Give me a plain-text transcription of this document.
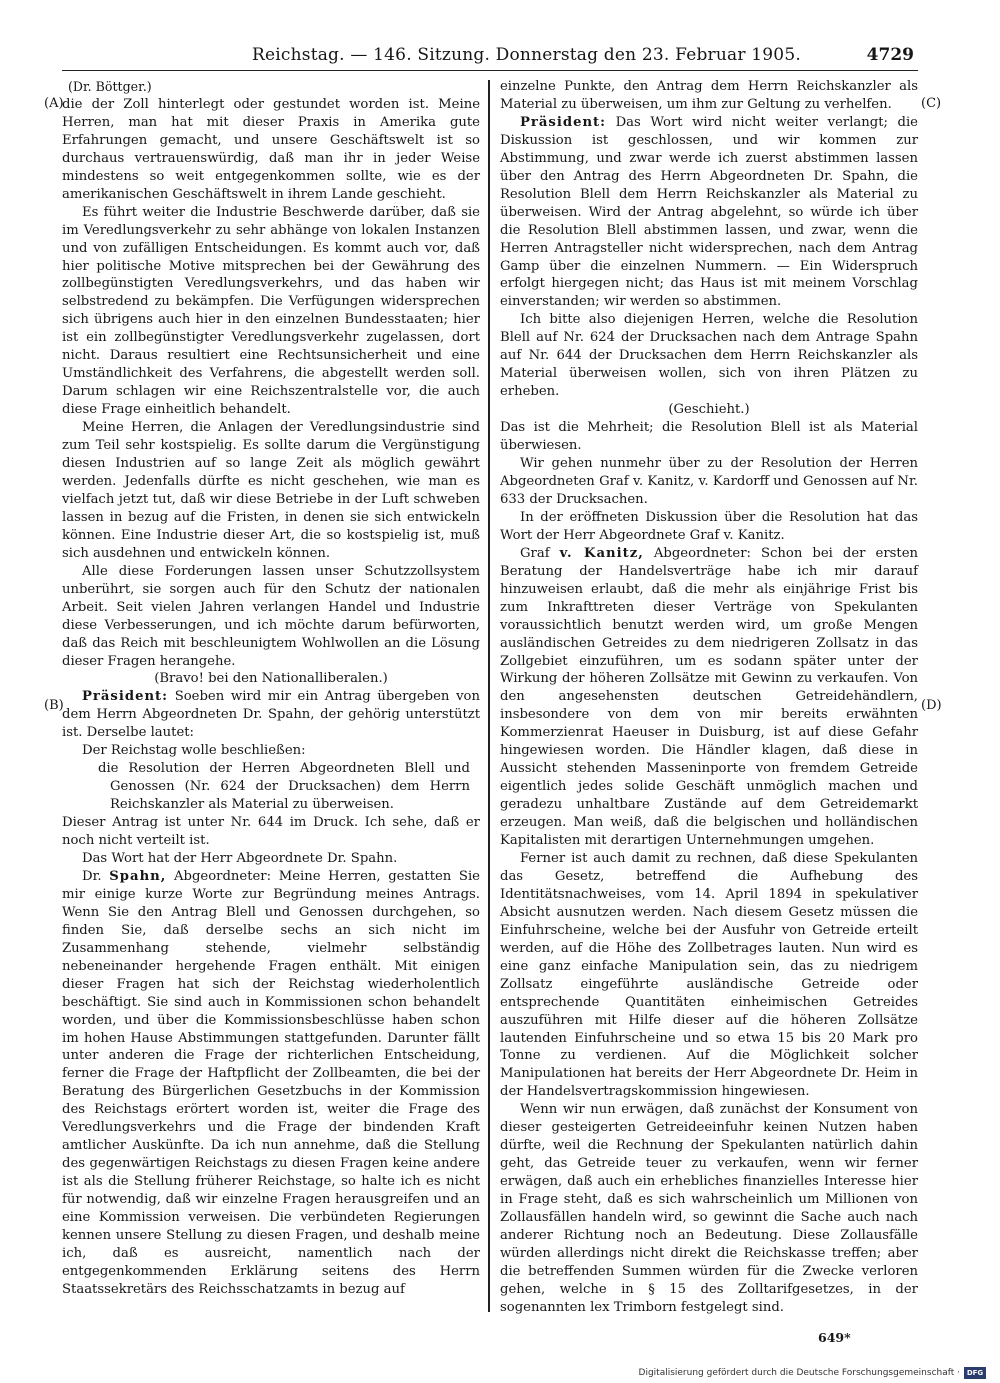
Reichstag. — 146. Sitzung. Donnerstag den 23. Februar 1905.	4729
(A)
(B)
(C)
(D)

(Dr. Böttger.)

die der Zoll hinterlegt oder gestundet worden ist. Meine Herren, man hat mit dieser Praxis in Amerika gute Erfahrungen gemacht, und unsere Geschäftswelt ist so durchaus vertrauenswürdig, daß man ihr in jeder Weise mindestens so weit entgegenkommen sollte, wie es der amerikanischen Geschäftswelt in ihrem Lande geschieht.

Es führt weiter die Industrie Beschwerde darüber, daß sie im Veredlungsverkehr zu sehr abhänge von lokalen Instanzen und von zufälligen Entscheidungen. Es kommt auch vor, daß hier politische Motive mitsprechen bei der Gewährung des zollbegünstigten Veredlungsverkehrs, und das haben wir selbstredend zu bekämpfen. Die Verfügungen widersprechen sich übrigens auch hier in den einzelnen Bundesstaaten; hier ist ein zollbegünstigter Veredlungsverkehr zugelassen, dort nicht. Daraus resultiert eine Rechtsunsicherheit und eine Umständlichkeit des Verfahrens, die abgestellt werden soll. Darum schlagen wir eine Reichszentralstelle vor, die auch diese Frage einheitlich behandelt.

Meine Herren, die Anlagen der Veredlungsindustrie sind zum Teil sehr kostspielig. Es sollte darum die Vergünstigung diesen Industrien auf so lange Zeit als möglich gewährt werden. Jedenfalls dürfte es nicht geschehen, wie man es vielfach jetzt tut, daß wir diese Betriebe in der Luft schweben lassen in bezug auf die Fristen, in denen sie sich entwickeln können. Eine Industrie dieser Art, die so kostspielig ist, muß sich ausdehnen und entwickeln können.

Alle diese Forderungen lassen unser Schutzzollsystem unberührt, sie sorgen auch für den Schutz der nationalen Arbeit. Seit vielen Jahren verlangen Handel und Industrie diese Verbesserungen, und ich möchte darum befürworten, daß das Reich mit beschleunigtem Wohlwollen an die Lösung dieser Fragen herangehe.

(Bravo! bei den Nationalliberalen.)

Präsident: Soeben wird mir ein Antrag übergeben von dem Herrn Abgeordneten Dr. Spahn, der gehörig unterstützt ist. Derselbe lautet:

Der Reichstag wolle beschließen:

die Resolution der Herren Abgeordneten Blell und Genossen (Nr. 624 der Drucksachen) dem Herrn Reichskanzler als Material zu überweisen.

Dieser Antrag ist unter Nr. 644 im Druck. Ich sehe, daß er noch nicht verteilt ist.

Das Wort hat der Herr Abgeordnete Dr. Spahn.

Dr. Spahn, Abgeordneter: Meine Herren, gestatten Sie mir einige kurze Worte zur Begründung meines Antrags. Wenn Sie den Antrag Blell und Genossen durchgehen, so finden Sie, daß derselbe sechs an sich nicht im Zusammenhang stehende, vielmehr selbständig nebeneinander hergehende Fragen enthält. Mit einigen dieser Fragen hat sich der Reichstag wiederholentlich beschäftigt. Sie sind auch in Kommissionen schon behandelt worden, und über die Kommissionsbeschlüsse haben schon im hohen Hause Abstimmungen stattgefunden. Darunter fällt unter anderen die Frage der richterlichen Entscheidung, ferner die Frage der Haftpflicht der Zollbeamten, die bei der Beratung des Bürgerlichen Gesetzbuchs in der Kommission des Reichstags erörtert worden ist, weiter die Frage des Veredlungsverkehrs und die Frage der bindenden Kraft amtlicher Auskünfte. Da ich nun annehme, daß die Stellung des gegenwärtigen Reichstags zu diesen Fragen keine andere ist als die Stellung früherer Reichstage, so halte ich es nicht für notwendig, daß wir einzelne Fragen herausgreifen und an eine Kommission verweisen. Die verbündeten Regierungen kennen unsere Stellung zu diesen Fragen, und deshalb meine ich, daß es ausreicht, namentlich nach der entgegenkommenden Erklärung seitens des Herrn Staatssekretärs des Reichsschatzamts in bezug auf

einzelne Punkte, den Antrag dem Herrn Reichskanzler als Material zu überweisen, um ihm zur Geltung zu verhelfen.

Präsident: Das Wort wird nicht weiter verlangt; die Diskussion ist geschlossen, und wir kommen zur Abstimmung, und zwar werde ich zuerst abstimmen lassen über den Antrag des Herrn Abgeordneten Dr. Spahn, die Resolution Blell dem Herrn Reichskanzler als Material zu überweisen. Wird der Antrag abgelehnt, so würde ich über die Resolution Blell abstimmen lassen, und zwar, wenn die Herren Antragsteller nicht widersprechen, nach dem Antrag Gamp über die einzelnen Nummern. — Ein Widerspruch erfolgt hiergegen nicht; das Haus ist mit meinem Vorschlag einverstanden; wir werden so abstimmen.

Ich bitte also diejenigen Herren, welche die Resolution Blell auf Nr. 624 der Drucksachen nach dem Antrage Spahn auf Nr. 644 der Drucksachen dem Herrn Reichskanzler als Material überweisen wollen, sich von ihren Plätzen zu erheben.

(Geschieht.)

Das ist die Mehrheit; die Resolution Blell ist als Material überwiesen.

Wir gehen nunmehr über zu der Resolution der Herren Abgeordneten Graf v. Kanitz, v. Kardorff und Genossen auf Nr. 633 der Drucksachen.

In der eröffneten Diskussion über die Resolution hat das Wort der Herr Abgeordnete Graf v. Kanitz.

Graf v. Kanitz, Abgeordneter: Schon bei der ersten Beratung der Handelsverträge habe ich mir darauf hinzuweisen erlaubt, daß die mehr als einjährige Frist bis zum Inkrafttreten dieser Verträge von Spekulanten voraussichtlich benutzt werden wird, um große Mengen ausländischen Getreides zu dem niedrigeren Zollsatz in das Zollgebiet einzuführen, um es sodann später unter der Wirkung der höheren Zollsätze mit Gewinn zu verkaufen. Von den angesehensten deutschen Getreidehändlern, insbesondere von dem von mir bereits erwähnten Kommerzienrat Haeuser in Duisburg, ist auf diese Gefahr hingewiesen worden. Die Händler klagen, daß diese in Aussicht stehenden Masseninporte von fremdem Getreide eigentlich jedes solide Geschäft unmöglich machen und geradezu unhaltbare Zustände auf dem Getreidemarkt erzeugen. Man weiß, daß die belgischen und holländischen Kapitalisten mit derartigen Unternehmungen umgehen.

Ferner ist auch damit zu rechnen, daß diese Spekulanten das Gesetz, betreffend die Aufhebung des Identitätsnachweises, vom 14. April 1894 in spekulativer Absicht ausnutzen werden. Nach diesem Gesetz müssen die Einfuhrscheine, welche bei der Ausfuhr von Getreide erteilt werden, auf die Höhe des Zollbetrages lauten. Nun wird es eine ganz einfache Manipulation sein, das zu niedrigem Zollsatz eingeführte ausländische Getreide oder entsprechende Quantitäten einheimischen Getreides auszuführen mit Hilfe dieser auf die höheren Zollsätze lautenden Einfuhrscheine und so etwa 15 bis 20 Mark pro Tonne zu verdienen. Auf die Möglichkeit solcher Manipulationen hat bereits der Herr Abgeordnete Dr. Heim in der Handelsvertragskommission hingewiesen.

Wenn wir nun erwägen, daß zunächst der Konsument von dieser gesteigerten Getreideeinfuhr keinen Nutzen haben dürfte, weil die Rechnung der Spekulanten natürlich dahin geht, das Getreide teuer zu verkaufen, wenn wir ferner erwägen, daß auch ein erhebliches finanzielles Interesse hier in Frage steht, daß es sich wahrscheinlich um Millionen von Zollausfällen handeln wird, so gewinnt die Sache auch nach anderer Richtung noch an Bedeutung. Diese Zollausfälle würden allerdings nicht direkt die Reichskasse treffen; aber die betreffenden Summen würden für die Zwecke verloren gehen, welche in § 15 des Zolltarifgesetzes, in der sogenannten lex Trimborn festgelegt sind.

649*
Digitalisierung gefördert durch die Deutsche Forschungsgemeinschaft · DFG
